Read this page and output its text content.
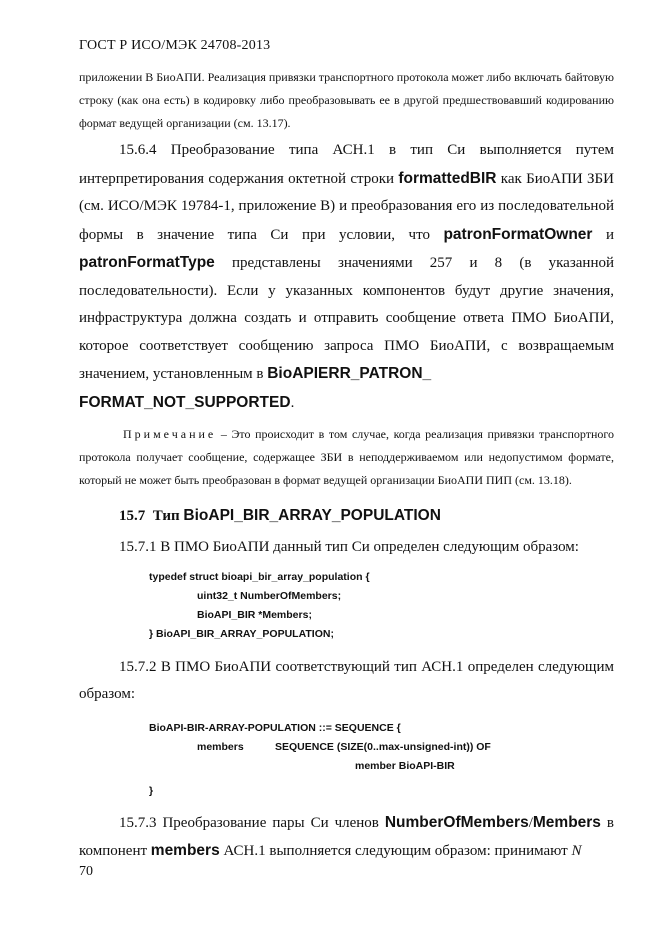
ГОСТ Р ИСО/МЭК 24708-2013

приложении В БиоАПИ. Реализация привязки транспортного протокола может либо включать байтовую строку (как она есть) в кодировку либо преобразовывать ее в другой предшествовавший кодированию формат ведущей организации (см. 13.17).

15.6.4 Преобразование типа АСН.1 в тип Си выполняется путем интерпретирования содержания октетной строки formattedBIR как БиоАПИ ЗБИ (см. ИСО/МЭК 19784-1, приложение В) и преобразования его из последовательной формы в значение типа Си при условии, что patronFormatOwner и patronFormatType представлены значениями 257 и 8 (в указанной последовательности). Если у указанных компонентов будут другие значения, инфраструктура должна создать и отправить сообщение ответа ПМО БиоАПИ, которое соответствует сообщению запроса ПМО БиоАПИ, с возвращаемым значением, установленным в BioAPIERR_PATRON_
FORMAT_NOT_SUPPORTED.

Примечание – Это происходит в том случае, когда реализация привязки транспортного протокола получает сообщение, содержащее ЗБИ в неподдерживаемом или недопустимом формате, который не может быть преобразован в формат ведущей организации БиоАПИ ПИП (см. 13.18).

15.7 Тип BioAPI_BIR_ARRAY_POPULATION

15.7.1 В ПМО БиоАПИ данный тип Си определен следующим образом:

typedef struct bioapi_bir_array_population {
uint32_t NumberOfMembers;
BioAPI_BIR *Members;
} BioAPI_BIR_ARRAY_POPULATION;

15.7.2 В ПМО БиоАПИ соответствующий тип АСН.1 определен следующим образом:

BioAPI-BIR-ARRAY-POPULATION ::= SEQUENCE {
members	SEQUENCE (SIZE(0..max-unsigned-int)) OF
member BioAPI-BIR
}

15.7.3 Преобразование пары Си членов NumberOfMembers/Members в компонент members АСН.1 выполняется следующим образом: принимают N

70
